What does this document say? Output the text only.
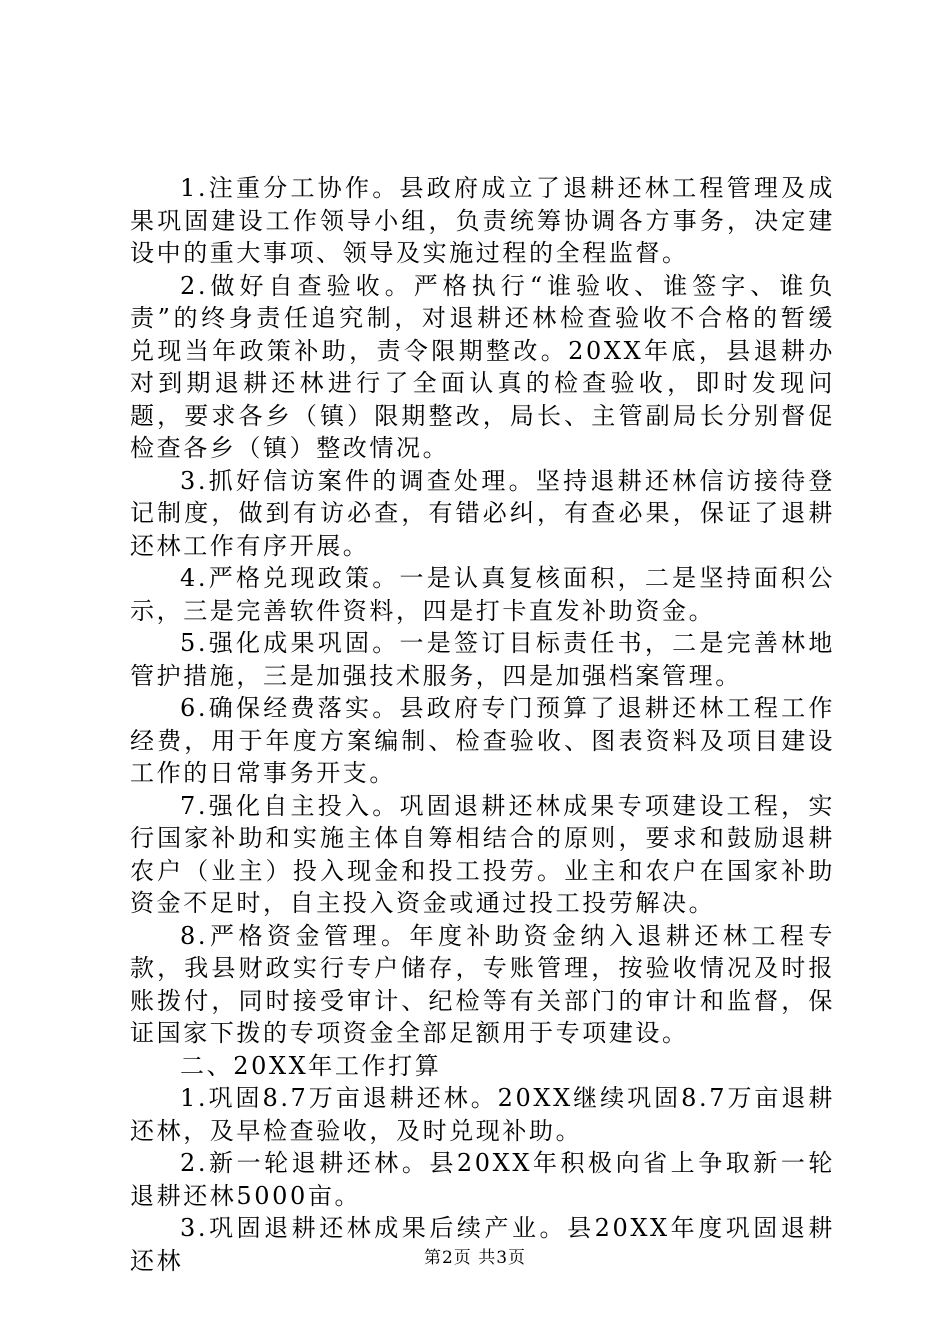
1.注重分工协作。县政府成立了退耕还林工程管理及成果巩固建设工作领导小组，负责统筹协调各方事务，决定建设中的重大事项、领导及实施过程的全程监督。

2.做好自查验收。严格执行“谁验收、谁签字、谁负责”的终身责任追究制，对退耕还林检查验收不合格的暂缓兑现当年政策补助，责令限期整改。20XX年底，县退耕办对到期退耕还林进行了全面认真的检查验收，即时发现问题，要求各乡（镇）限期整改，局长、主管副局长分别督促检查各乡（镇）整改情况。

3.抓好信访案件的调查处理。坚持退耕还林信访接待登记制度，做到有访必查，有错必纠，有查必果，保证了退耕还林工作有序开展。

4.严格兑现政策。一是认真复核面积，二是坚持面积公示，三是完善软件资料，四是打卡直发补助资金。

5.强化成果巩固。一是签订目标责任书，二是完善林地管护措施，三是加强技术服务，四是加强档案管理。

6.确保经费落实。县政府专门预算了退耕还林工程工作经费，用于年度方案编制、检查验收、图表资料及项目建设工作的日常事务开支。

7.强化自主投入。巩固退耕还林成果专项建设工程，实行国家补助和实施主体自筹相结合的原则，要求和鼓励退耕农户（业主）投入现金和投工投劳。业主和农户在国家补助资金不足时，自主投入资金或通过投工投劳解决。

8.严格资金管理。年度补助资金纳入退耕还林工程专款，我县财政实行专户储存，专账管理，按验收情况及时报账拨付，同时接受审计、纪检等有关部门的审计和监督，保证国家下拨的专项资金全部足额用于专项建设。

二、20XX年工作打算

1.巩固8.7万亩退耕还林。20XX继续巩固8.7万亩退耕还林，及早检查验收，及时兑现补助。

2.新一轮退耕还林。县20XX年积极向省上争取新一轮退耕还林5000亩。

3.巩固退耕还林成果后续产业。县20XX年度巩固退耕还林	第2页 共3页
